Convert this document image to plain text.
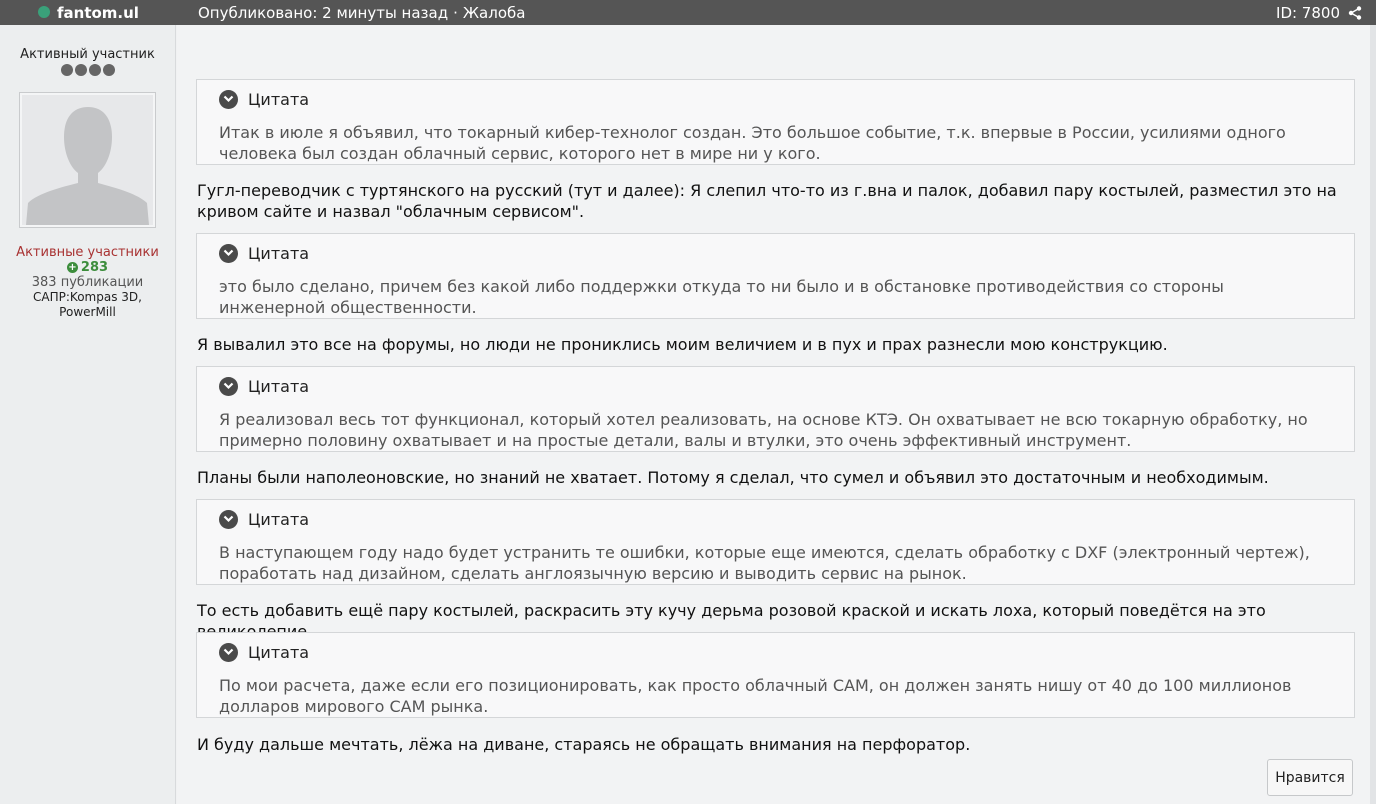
fantom.ul	Опубликовано: 2 минуты назад · Жалоба	ID: 7800
Активный участник
Активные участники
+ 283
383 публикации
САПР:Kompas 3D, PowerMill
Цитата
Итак в июле я объявил, что токарный кибер-технолог создан. Это большое событие, т.к. впервые в России, усилиями одного человека был создан облачный сервис, которого нет в мире ни у кого.
Гугл-переводчик с туртянского на русский (тут и далее): Я слепил что-то из г.вна и палок, добавил пару костылей, разместил это на кривом сайте и назвал "облачным сервисом".
Цитата
это было сделано, причем без какой либо поддержки откуда то ни было и в обстановке противодействия со стороны инженерной общественности.
Я вывалил это все на форумы, но люди не прониклись моим величием и в пух и прах разнесли мою конструкцию.
Цитата
Я реализовал весь тот функционал, который хотел реализовать, на основе КТЭ. Он охватывает не всю токарную обработку, но примерно половину охватывает и на простые детали, валы и втулки, это очень эффективный инструмент.
Планы были наполеоновские, но знаний не хватает. Потому я сделал, что сумел и объявил это достаточным и необходимым.
Цитата
В наступающем году надо будет устранить те ошибки, которые еще имеются, сделать обработку с DXF (электронный чертеж), поработать над дизайном, сделать англоязычную версию и выводить сервис на рынок.
То есть добавить ещё пару костылей, раскрасить эту кучу дерьма розовой краской и искать лоха, который поведётся на это
Цитата
По мои расчета, даже если его позиционировать, как просто облачный CAM, он должен занять нишу от 40 до 100 миллионов долларов мирового CAM рынка.
И буду дальше мечтать, лёжа на диване, стараясь не обращать внимания на перфоратор.
Нравится
